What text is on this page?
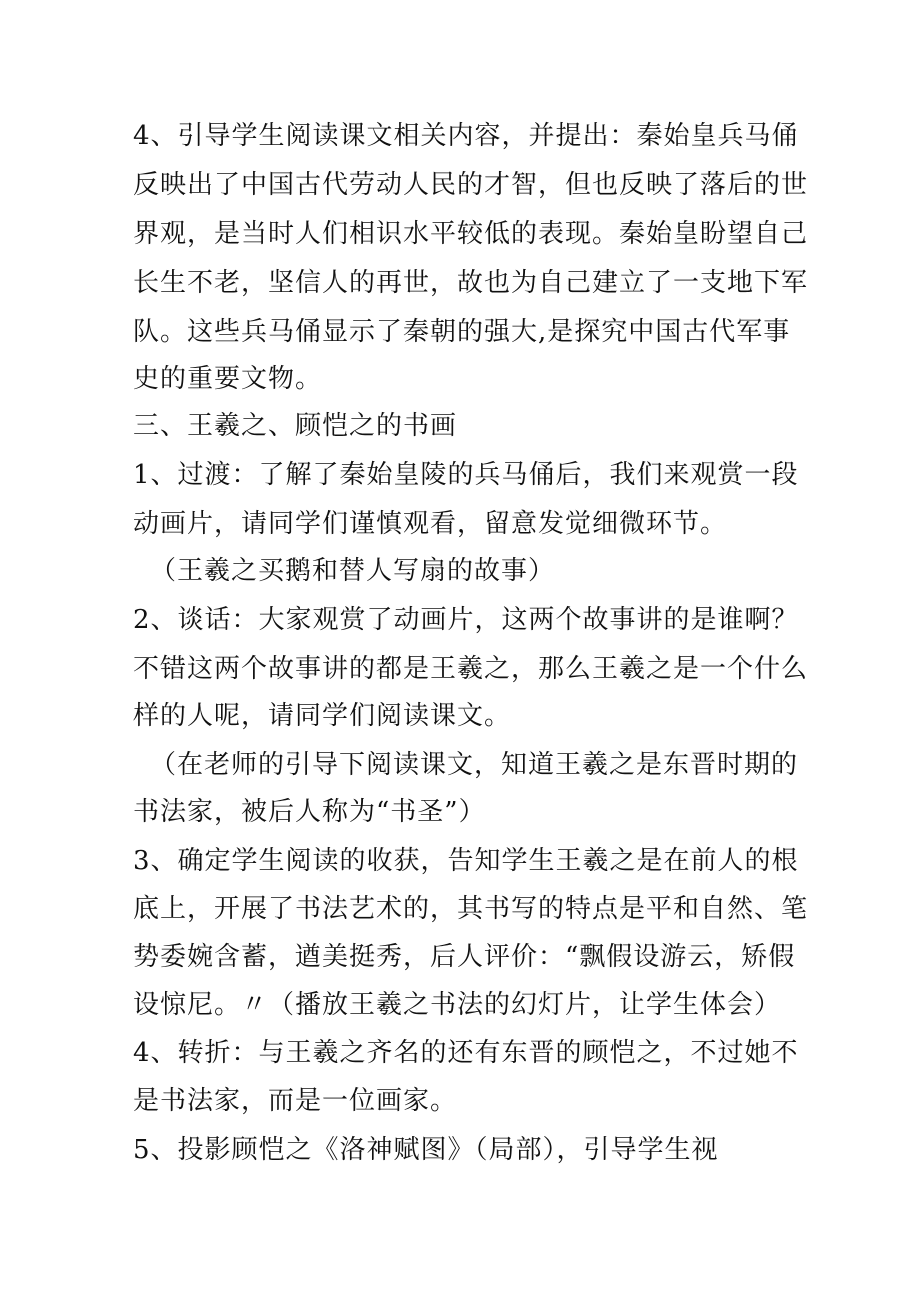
4、引导学生阅读课文相关内容，并提出：秦始皇兵马俑
反映出了中国古代劳动人民的才智，但也反映了落后的世
界观，是当时人们相识水平较低的表现。秦始皇盼望自己
长生不老，坚信人的再世，故也为自己建立了一支地下军
队。这些兵马俑显示了秦朝的强大,是探究中国古代军事
史的重要文物。
三、王羲之、顾恺之的书画
1、过渡：了解了秦始皇陵的兵马俑后，我们来观赏一段
动画片，请同学们谨慎观看，留意发觉细微环节。
（王羲之买鹅和替人写扇的故事）
2、谈话：大家观赏了动画片，这两个故事讲的是谁啊？
不错这两个故事讲的都是王羲之，那么王羲之是一个什么
样的人呢，请同学们阅读课文。
（在老师的引导下阅读课文，知道王羲之是东晋时期的
书法家，被后人称为“书圣”）
3、确定学生阅读的收获，告知学生王羲之是在前人的根
底上，开展了书法艺术的，其书写的特点是平和自然、笔
势委婉含蓄，遒美挺秀，后人评价：“飘假设游云，矫假
设惊尼。〃（播放王羲之书法的幻灯片，让学生体会）
4、转折：与王羲之齐名的还有东晋的顾恺之，不过她不
是书法家，而是一位画家。
5、投影顾恺之《洛神赋图》（局部），引导学生视
